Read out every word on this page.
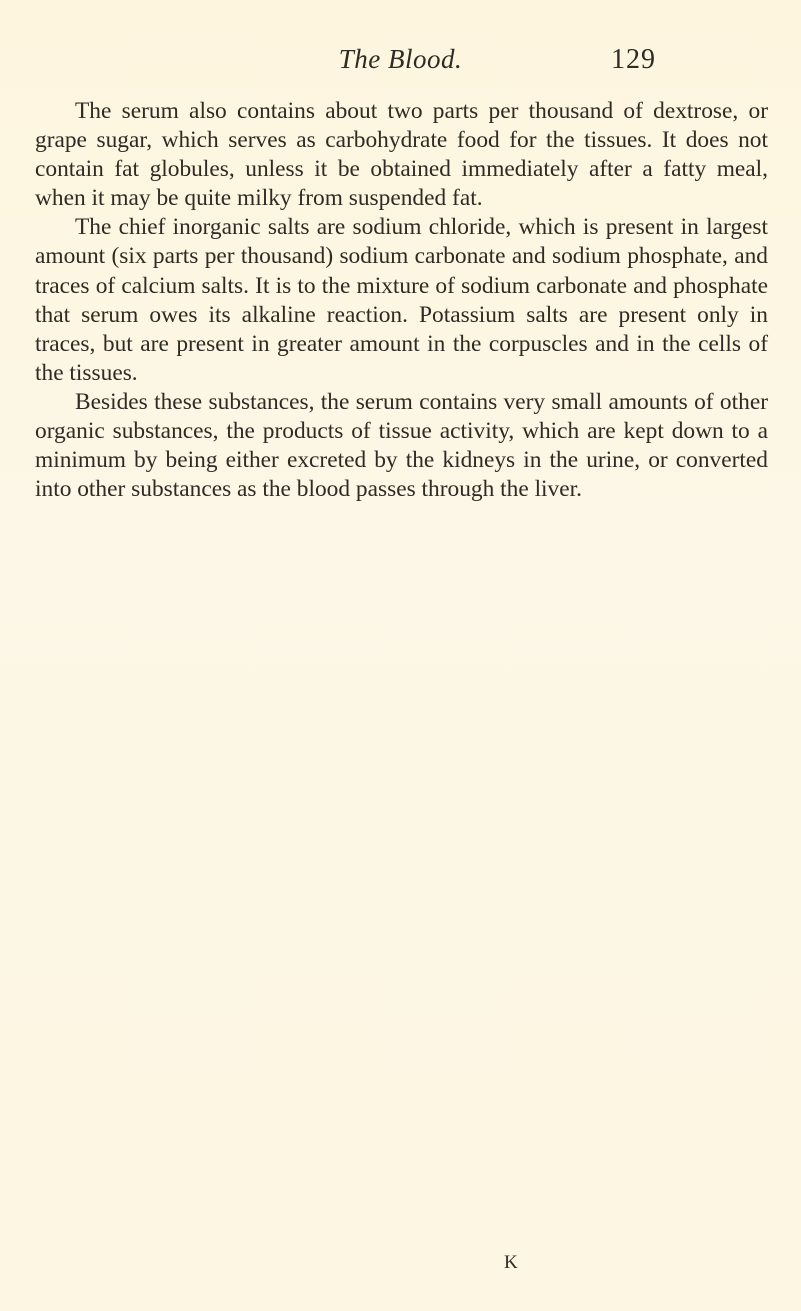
The Blood.	129

The serum also contains about two parts per thousand of dextrose, or grape sugar, which serves as carbohydrate food for the tissues. It does not contain fat globules, unless it be obtained immediately after a fatty meal, when it may be quite milky from suspended fat.

The chief inorganic salts are sodium chloride, which is present in largest amount (six parts per thousand) sodium carbonate and sodium phosphate, and traces of calcium salts. It is to the mixture of sodium carbonate and phosphate that serum owes its alkaline reaction. Potassium salts are present only in traces, but are present in greater amount in the corpuscles and in the cells of the tissues.

Besides these substances, the serum contains very small amounts of other organic substances, the products of tissue activity, which are kept down to a minimum by being either excreted by the kidneys in the urine, or converted into other substances as the blood passes through the liver.

K
